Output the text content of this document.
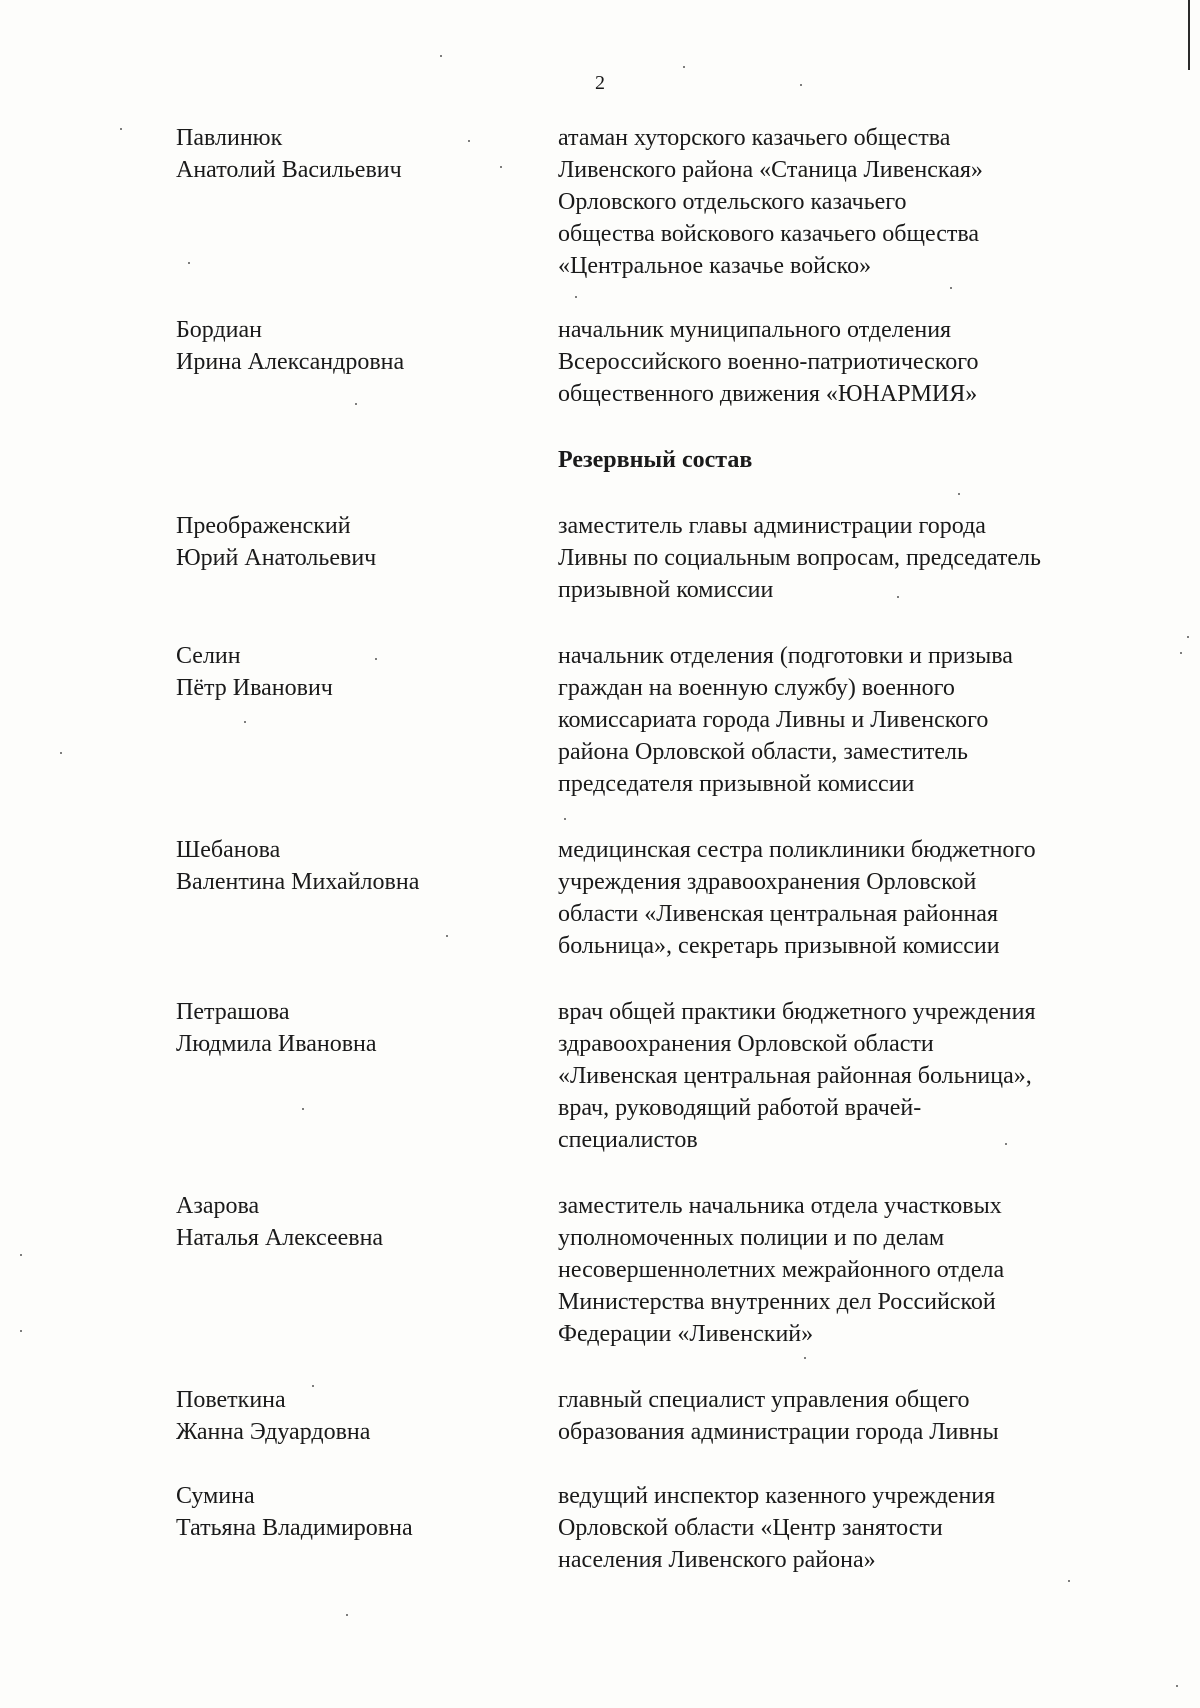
2
Павлинюк
Анатолий Васильевич
атаман хуторского казачьего общества
Ливенского района «Станица Ливенская»
Орловского отдельского казачьего
общества войскового казачьего общества
«Центральное казачье войско»
Бордиан
Ирина Александровна
начальник муниципального отделения
Всероссийского военно-патриотического
общественного движения «ЮНАРМИЯ»
Резервный состав
Преображенский
Юрий Анатольевич
заместитель главы администрации города
Ливны по социальным вопросам, председатель
призывной комиссии
Селин
Пётр Иванович
начальник отделения (подготовки и призыва
граждан на военную службу) военного
комиссариата города Ливны и Ливенского
района Орловской области, заместитель
председателя призывной комиссии
Шебанова
Валентина Михайловна
медицинская сестра поликлиники бюджетного
учреждения здравоохранения Орловской
области «Ливенская центральная районная
больница», секретарь призывной комиссии
Петрашова
Людмила Ивановна
врач общей практики бюджетного учреждения
здравоохранения Орловской области
«Ливенская центральная районная больница»,
врач, руководящий работой врачей-
специалистов
Азарова
Наталья Алексеевна
заместитель начальника отдела участковых
уполномоченных полиции и по делам
несовершеннолетних межрайонного отдела
Министерства внутренних дел Российской
Федерации «Ливенский»
Поветкина
Жанна Эдуардовна
главный специалист управления общего
образования администрации города Ливны
Сумина
Татьяна Владимировна
ведущий инспектор казенного учреждения
Орловской области «Центр занятости
населения Ливенского района»
